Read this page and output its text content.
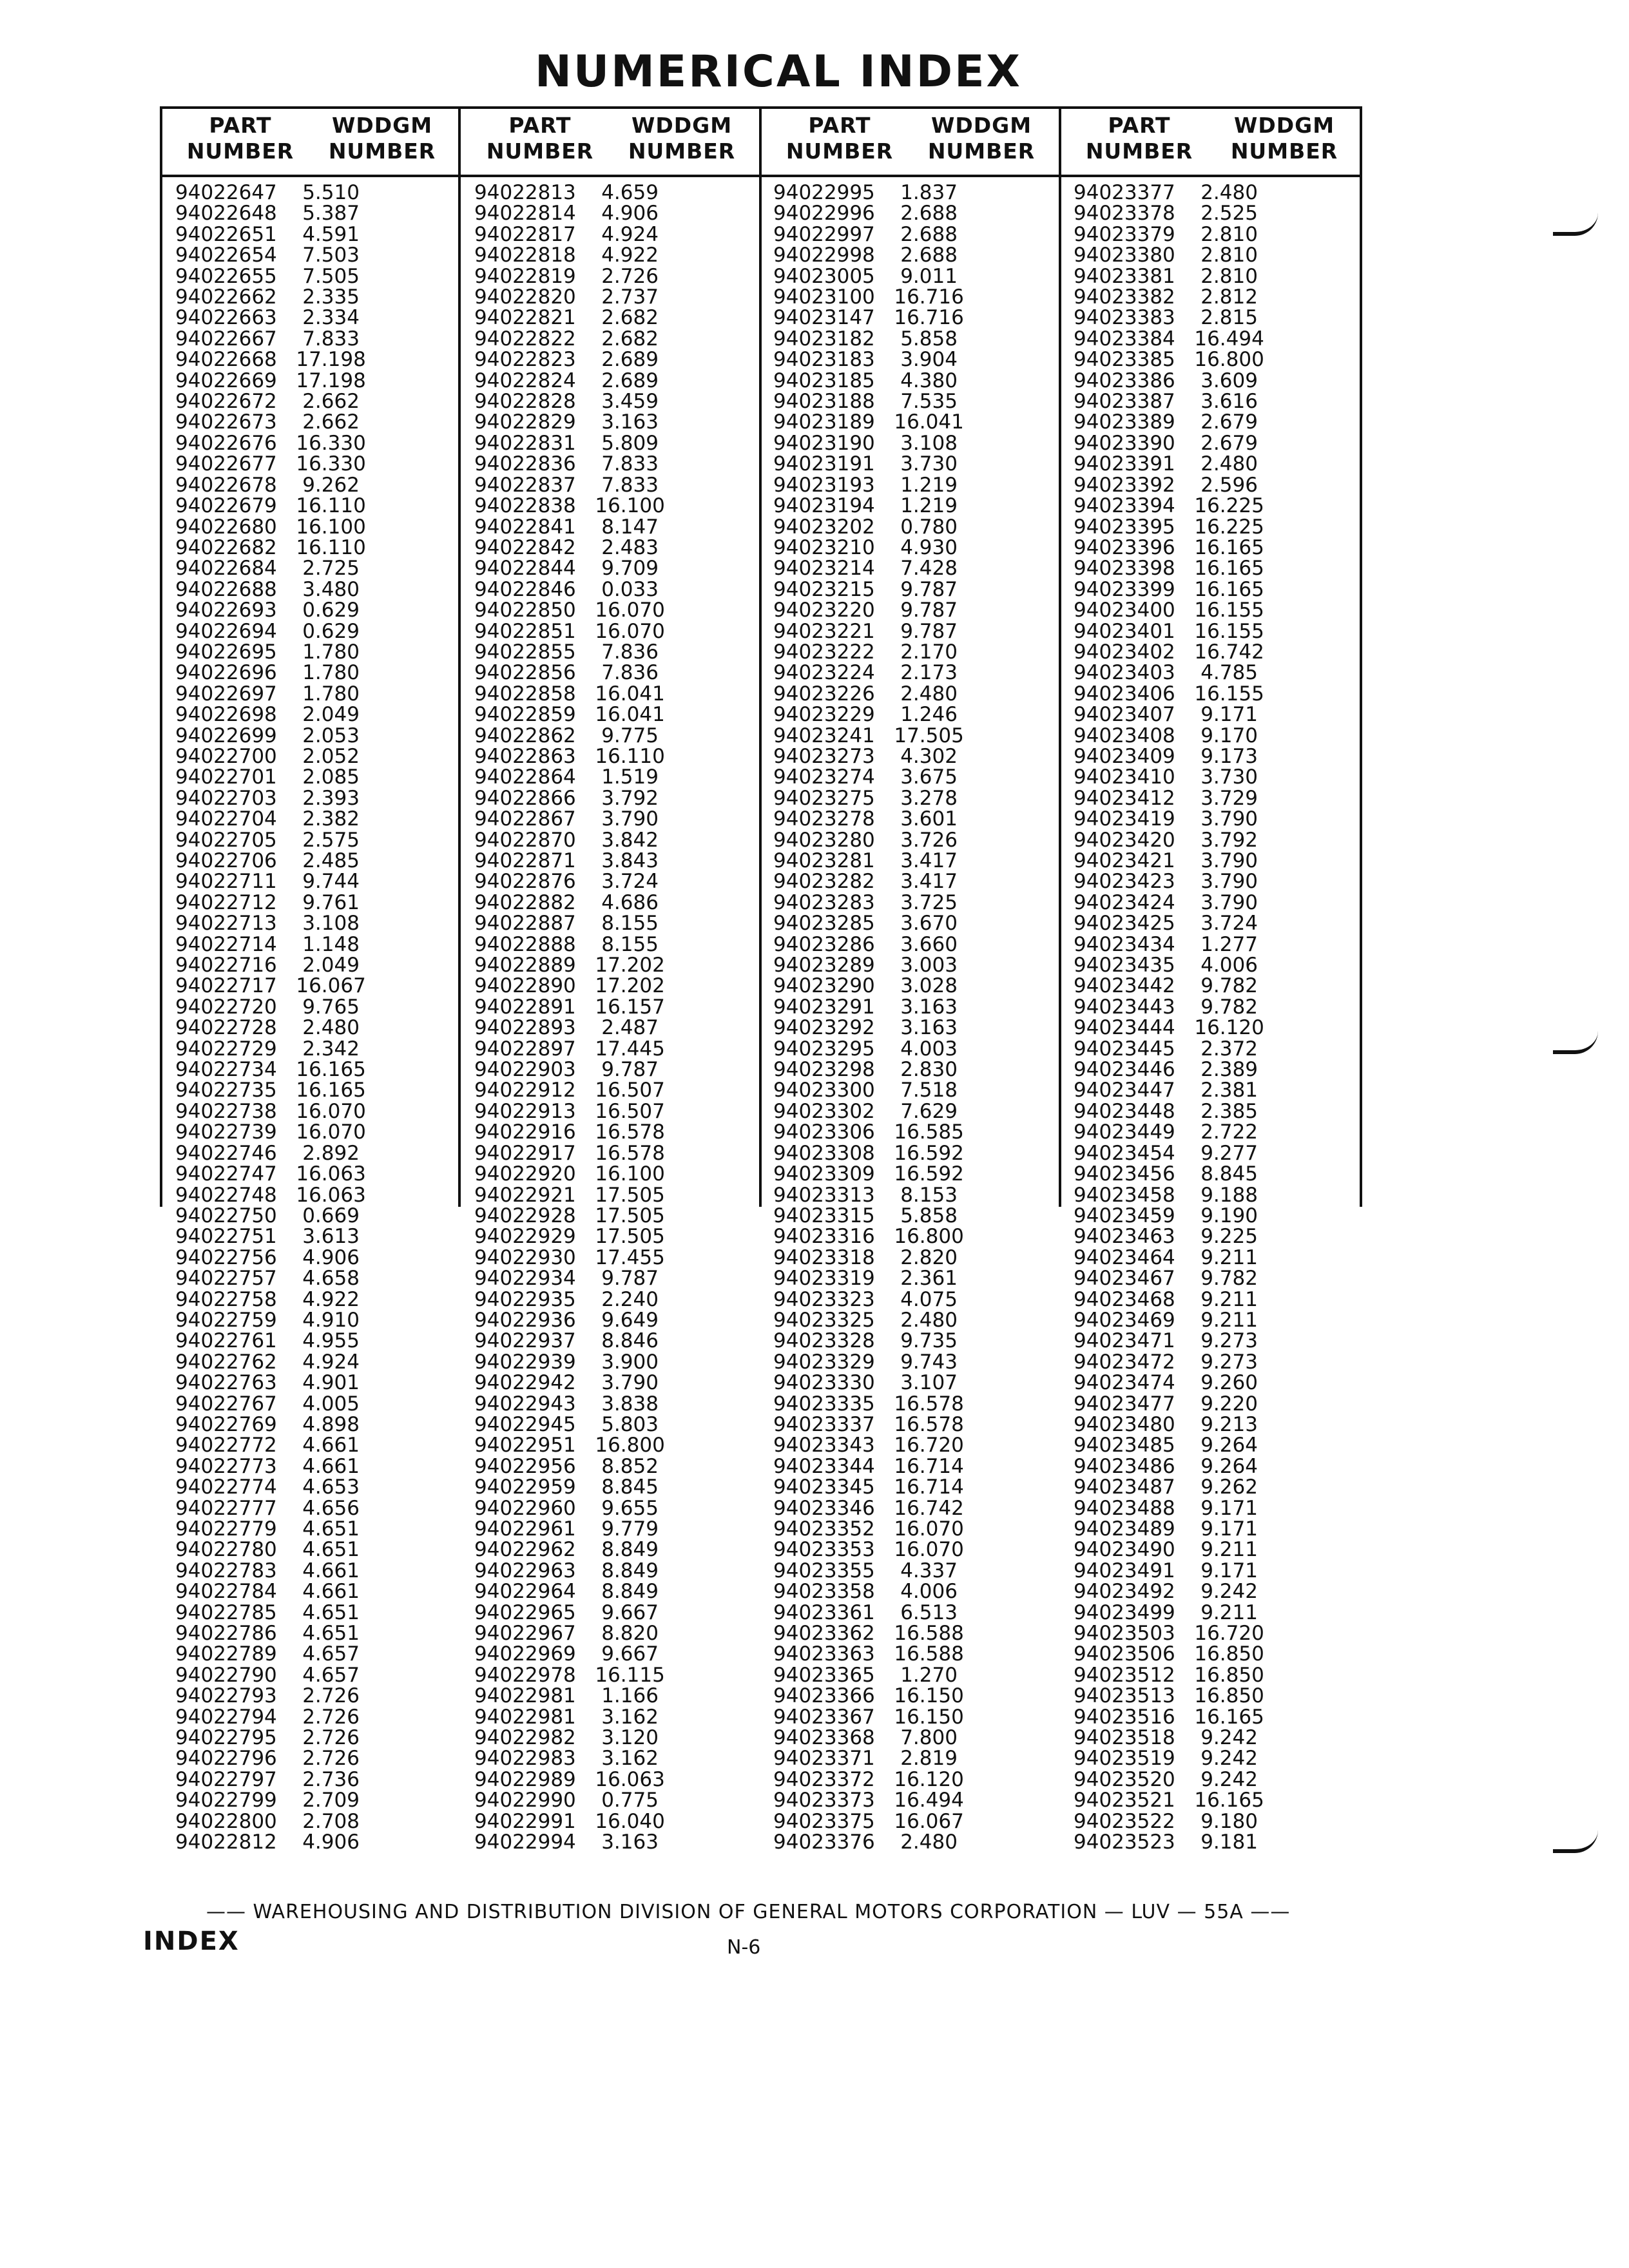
NUMERICAL INDEX
PART
NUMBER
WDDGM
NUMBER
PART
NUMBER
WDDGM
NUMBER
PART
NUMBER
WDDGM
NUMBER
PART
NUMBER
WDDGM
NUMBER
94022647    5.510
94022648    5.387
94022651    4.591
94022654    7.503
94022655    7.505
94022662    2.335
94022663    2.334
94022667    7.833
94022668   17.198
94022669   17.198
94022672    2.662
94022673    2.662
94022676   16.330
94022677   16.330
94022678    9.262
94022679   16.110
94022680   16.100
94022682   16.110
94022684    2.725
94022688    3.480
94022693    0.629
94022694    0.629
94022695    1.780
94022696    1.780
94022697    1.780
94022698    2.049
94022699    2.053
94022700    2.052
94022701    2.085
94022703    2.393
94022704    2.382
94022705    2.575
94022706    2.485
94022711    9.744
94022712    9.761
94022713    3.108
94022714    1.148
94022716    2.049
94022717   16.067
94022720    9.765
94022728    2.480
94022729    2.342
94022734   16.165
94022735   16.165
94022738   16.070
94022739   16.070
94022746    2.892
94022747   16.063
94022748   16.063
94022750    0.669
94022751    3.613
94022756    4.906
94022757    4.658
94022758    4.922
94022759    4.910
94022761    4.955
94022762    4.924
94022763    4.901
94022767    4.005
94022769    4.898
94022772    4.661
94022773    4.661
94022774    4.653
94022777    4.656
94022779    4.651
94022780    4.651
94022783    4.661
94022784    4.661
94022785    4.651
94022786    4.651
94022789    4.657
94022790    4.657
94022793    2.726
94022794    2.726
94022795    2.726
94022796    2.726
94022797    2.736
94022799    2.709
94022800    2.708
94022812    4.906
94022813    4.659
94022814    4.906
94022817    4.924
94022818    4.922
94022819    2.726
94022820    2.737
94022821    2.682
94022822    2.682
94022823    2.689
94022824    2.689
94022828    3.459
94022829    3.163
94022831    5.809
94022836    7.833
94022837    7.833
94022838   16.100
94022841    8.147
94022842    2.483
94022844    9.709
94022846    0.033
94022850   16.070
94022851   16.070
94022855    7.836
94022856    7.836
94022858   16.041
94022859   16.041
94022862    9.775
94022863   16.110
94022864    1.519
94022866    3.792
94022867    3.790
94022870    3.842
94022871    3.843
94022876    3.724
94022882    4.686
94022887    8.155
94022888    8.155
94022889   17.202
94022890   17.202
94022891   16.157
94022893    2.487
94022897   17.445
94022903    9.787
94022912   16.507
94022913   16.507
94022916   16.578
94022917   16.578
94022920   16.100
94022921   17.505
94022928   17.505
94022929   17.505
94022930   17.455
94022934    9.787
94022935    2.240
94022936    9.649
94022937    8.846
94022939    3.900
94022942    3.790
94022943    3.838
94022945    5.803
94022951   16.800
94022956    8.852
94022959    8.845
94022960    9.655
94022961    9.779
94022962    8.849
94022963    8.849
94022964    8.849
94022965    9.667
94022967    8.820
94022969    9.667
94022978   16.115
94022981    1.166
94022981    3.162
94022982    3.120
94022983    3.162
94022989   16.063
94022990    0.775
94022991   16.040
94022994    3.163
94022995    1.837
94022996    2.688
94022997    2.688
94022998    2.688
94023005    9.011
94023100   16.716
94023147   16.716
94023182    5.858
94023183    3.904
94023185    4.380
94023188    7.535
94023189   16.041
94023190    3.108
94023191    3.730
94023193    1.219
94023194    1.219
94023202    0.780
94023210    4.930
94023214    7.428
94023215    9.787
94023220    9.787
94023221    9.787
94023222    2.170
94023224    2.173
94023226    2.480
94023229    1.246
94023241   17.505
94023273    4.302
94023274    3.675
94023275    3.278
94023278    3.601
94023280    3.726
94023281    3.417
94023282    3.417
94023283    3.725
94023285    3.670
94023286    3.660
94023289    3.003
94023290    3.028
94023291    3.163
94023292    3.163
94023295    4.003
94023298    2.830
94023300    7.518
94023302    7.629
94023306   16.585
94023308   16.592
94023309   16.592
94023313    8.153
94023315    5.858
94023316   16.800
94023318    2.820
94023319    2.361
94023323    4.075
94023325    2.480
94023328    9.735
94023329    9.743
94023330    3.107
94023335   16.578
94023337   16.578
94023343   16.720
94023344   16.714
94023345   16.714
94023346   16.742
94023352   16.070
94023353   16.070
94023355    4.337
94023358    4.006
94023361    6.513
94023362   16.588
94023363   16.588
94023365    1.270
94023366   16.150
94023367   16.150
94023368    7.800
94023371    2.819
94023372   16.120
94023373   16.494
94023375   16.067
94023376    2.480
94023377    2.480
94023378    2.525
94023379    2.810
94023380    2.810
94023381    2.810
94023382    2.812
94023383    2.815
94023384   16.494
94023385   16.800
94023386    3.609
94023387    3.616
94023389    2.679
94023390    2.679
94023391    2.480
94023392    2.596
94023394   16.225
94023395   16.225
94023396   16.165
94023398   16.165
94023399   16.165
94023400   16.155
94023401   16.155
94023402   16.742
94023403    4.785
94023406   16.155
94023407    9.171
94023408    9.170
94023409    9.173
94023410    3.730
94023412    3.729
94023419    3.790
94023420    3.792
94023421    3.790
94023423    3.790
94023424    3.790
94023425    3.724
94023434    1.277
94023435    4.006
94023442    9.782
94023443    9.782
94023444   16.120
94023445    2.372
94023446    2.389
94023447    2.381
94023448    2.385
94023449    2.722
94023454    9.277
94023456    8.845
94023458    9.188
94023459    9.190
94023463    9.225
94023464    9.211
94023467    9.782
94023468    9.211
94023469    9.211
94023471    9.273
94023472    9.273
94023474    9.260
94023477    9.220
94023480    9.213
94023485    9.264
94023486    9.264
94023487    9.262
94023488    9.171
94023489    9.171
94023490    9.211
94023491    9.171
94023492    9.242
94023499    9.211
94023503   16.720
94023506   16.850
94023512   16.850
94023513   16.850
94023516   16.165
94023518    9.242
94023519    9.242
94023520    9.242
94023521   16.165
94023522    9.180
94023523    9.181
—— WAREHOUSING AND DISTRIBUTION DIVISION OF GENERAL MOTORS CORPORATION — LUV — 55A ——
INDEX	N-6
